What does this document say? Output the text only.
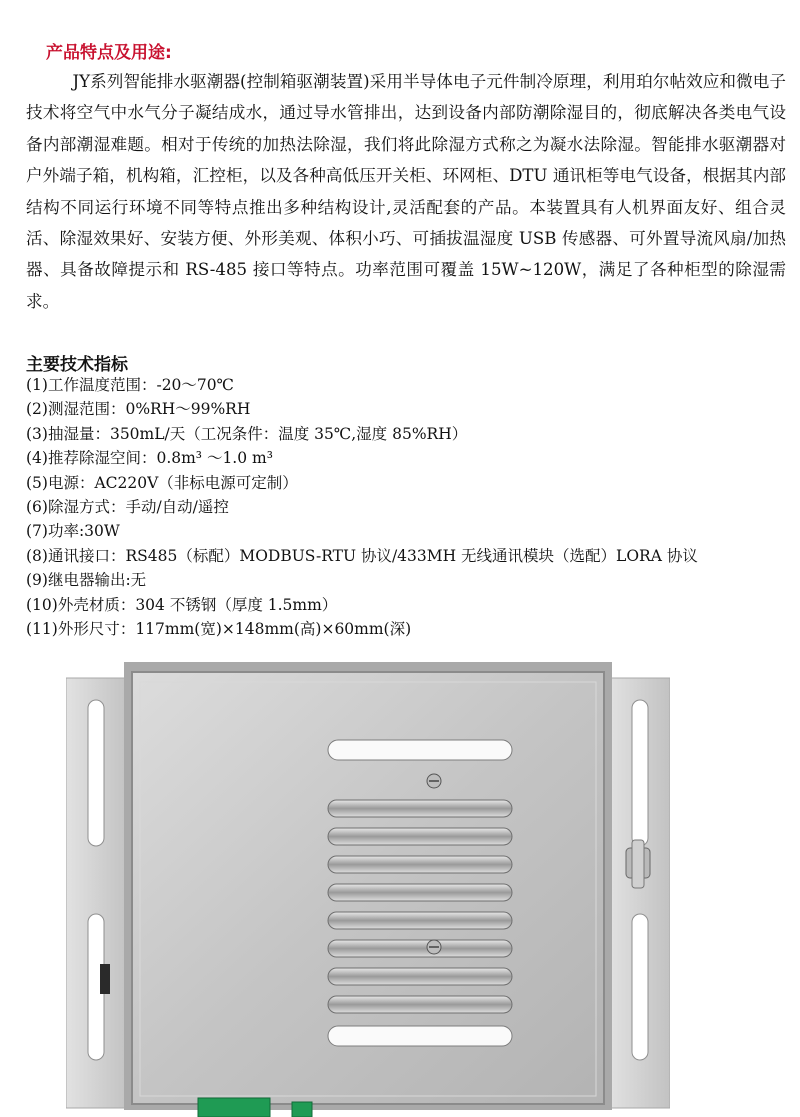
产品特点及用途:

JY系列智能排水驱潮器(控制箱驱潮装置)采用半导体电子元件制冷原理，利用珀尔帖效应和微电子技术将空气中水气分子凝结成水，通过导水管排出，达到设备内部防潮除湿目的，彻底解决各类电气设备内部潮湿难题。相对于传统的加热法除湿，我们将此除湿方式称之为凝水法除湿。智能排水驱潮器对户外端子箱，机构箱，汇控柜，以及各种高低压开关柜、环网柜、DTU 通讯柜等电气设备，根据其内部结构不同运行环境不同等特点推出多种结构设计,灵活配套的产品。本装置具有人机界面友好、组合灵活、除湿效果好、安装方便、外形美观、体积小巧、可插拔温湿度 USB 传感器、可外置导流风扇/加热器、具备故障提示和 RS-485 接口等特点。功率范围可覆盖 15W~120W，满足了各种柜型的除湿需求。

主要技术指标
(1)工作温度范围：-20～70℃
(2)测湿范围：0%RH～99%RH
(3)抽湿量：350mL/天（工况条件：温度 35℃,湿度 85%RH）
(4)推荐除湿空间：0.8m³ ～1.0 m³
(5)电源：AC220V（非标电源可定制）
(6)除湿方式：手动/自动/遥控
(7)功率:30W
(8)通讯接口：RS485（标配）MODBUS-RTU 协议/433MH 无线通讯模块（选配）LORA 协议
(9)继电器输出:无
(10)外壳材质：304 不锈钢（厚度 1.5mm）
(11)外形尺寸：117mm(宽)×148mm(高)×60mm(深)
